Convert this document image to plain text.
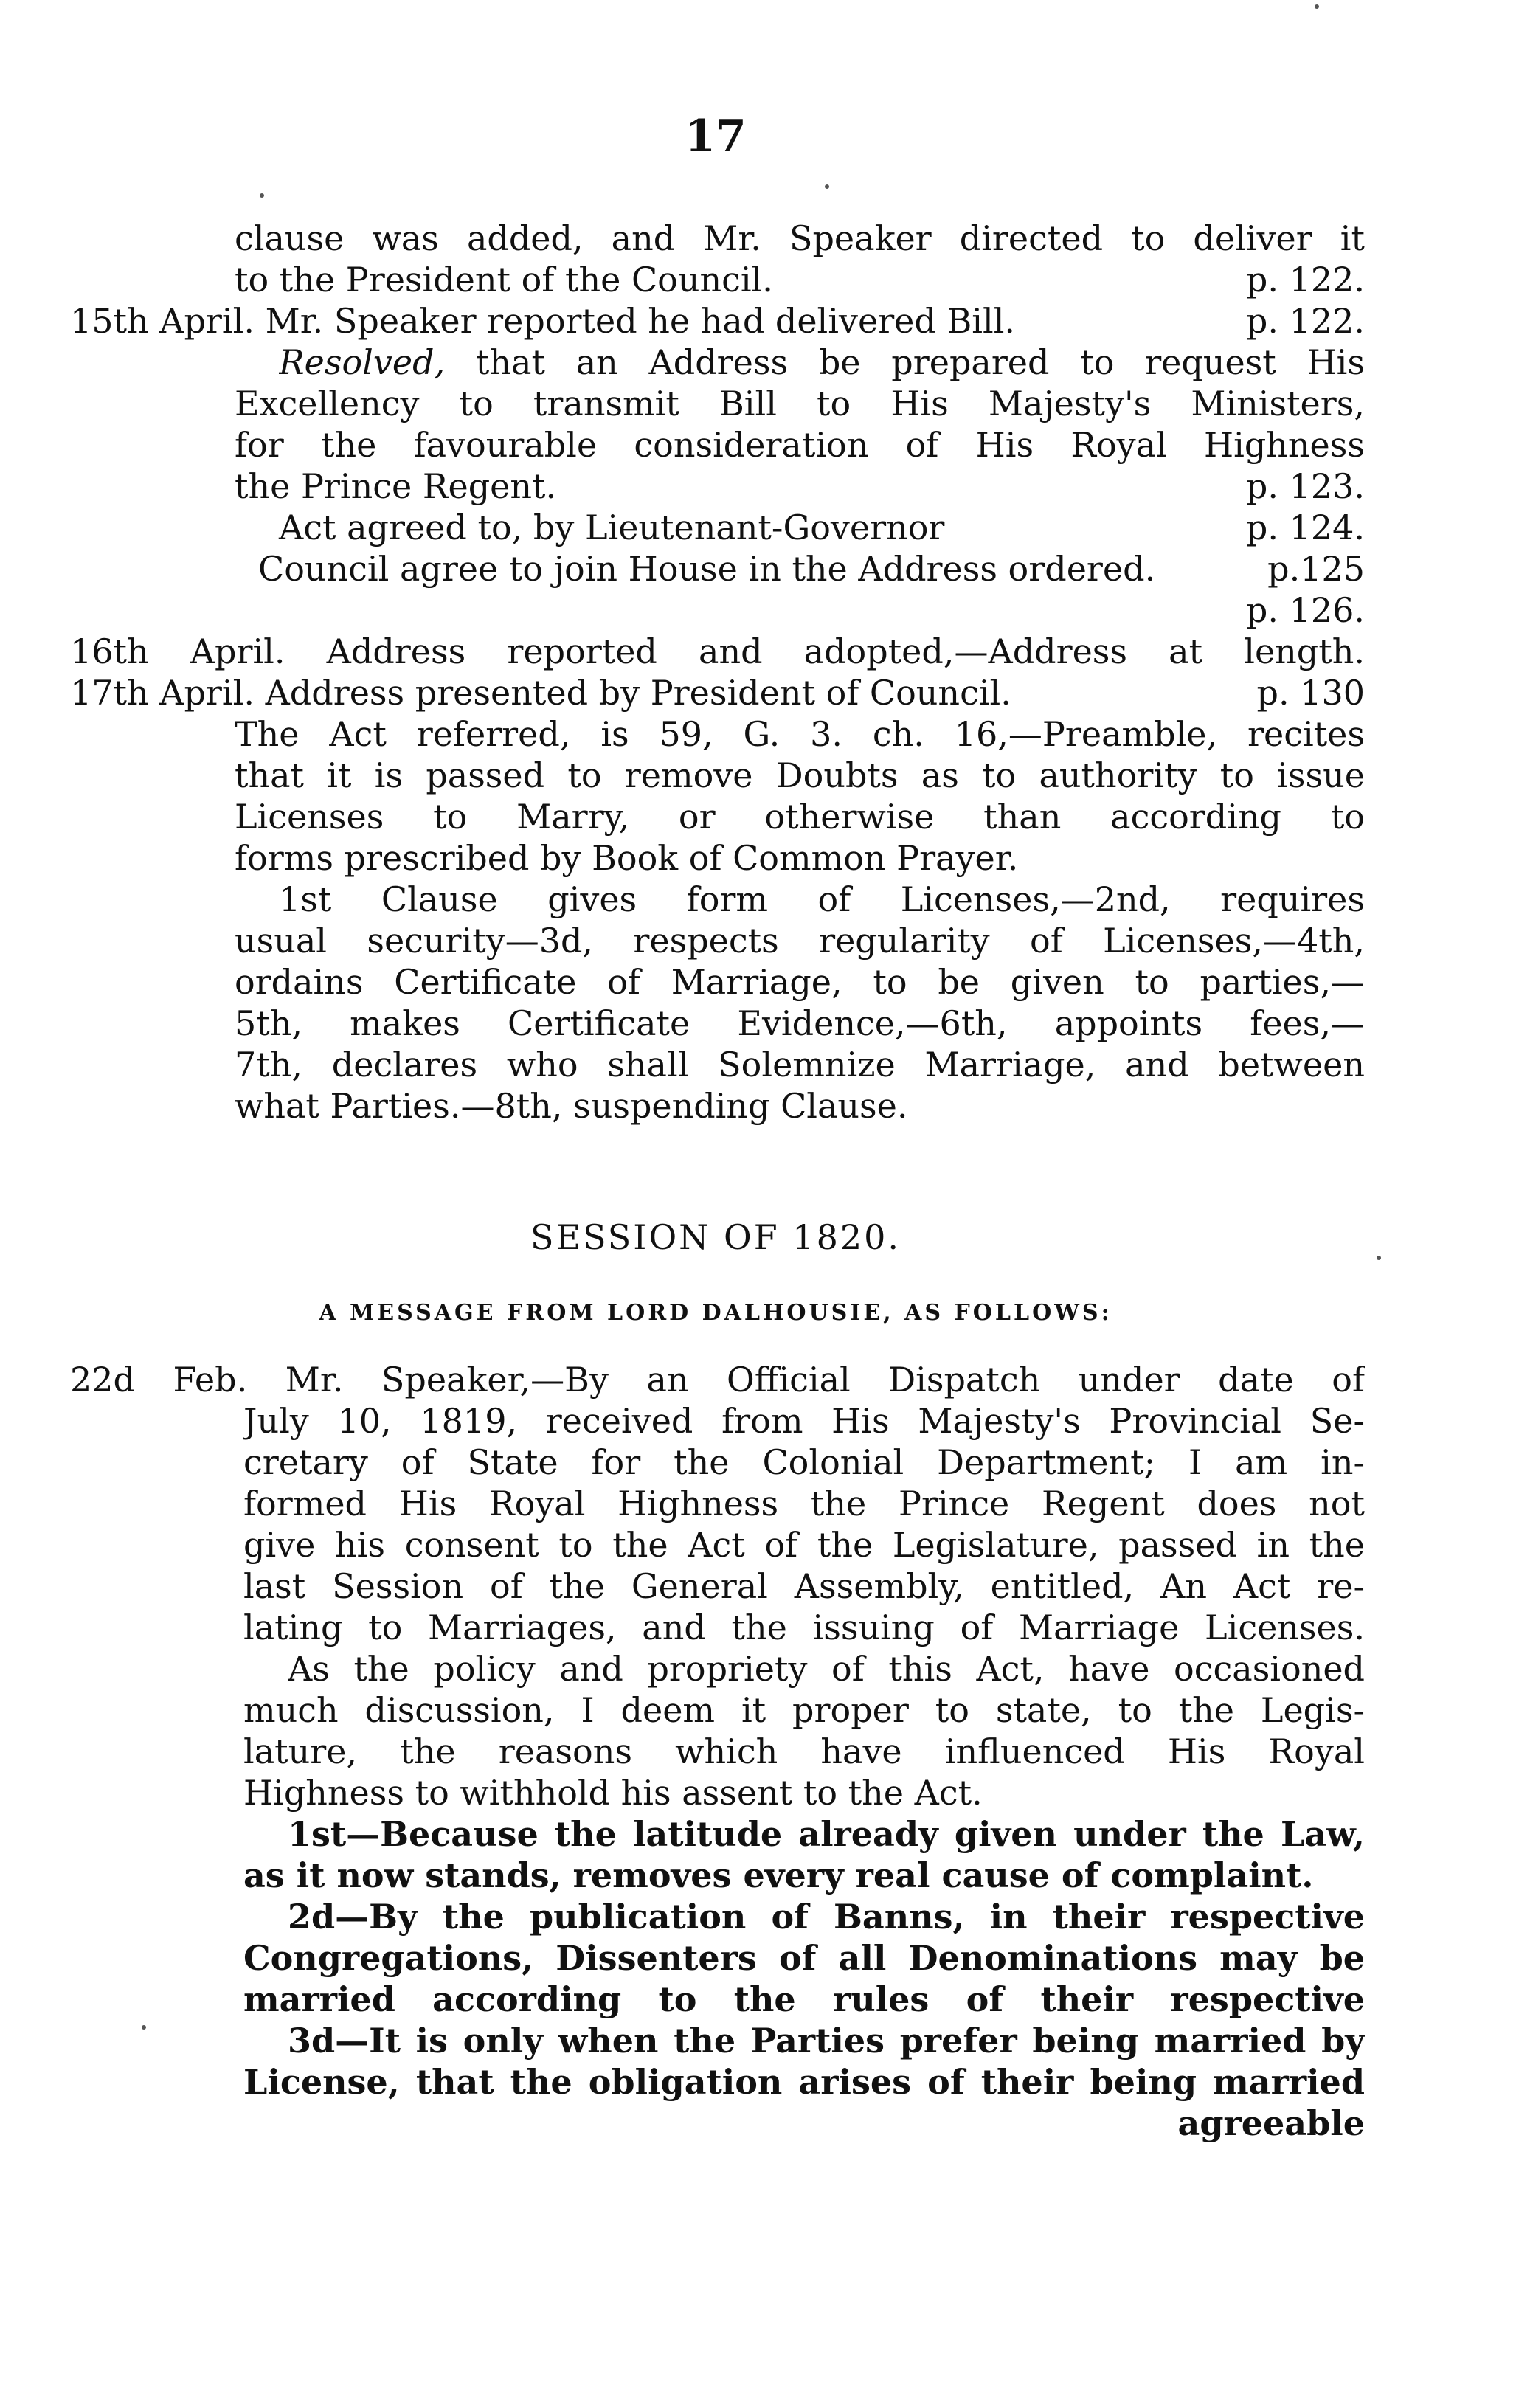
17
clause was added, and Mr. Speaker directed to deliver it
to the President of the Council.	p. 122.
15th April. Mr. Speaker reported he had delivered Bill.	p. 122.
Resolved, that an Address be prepared to request His
Excellency to transmit Bill to His Majesty's Ministers,
for the favourable consideration of His Royal Highness
the Prince Regent.	p. 123.
Act agreed to, by Lieutenant-Governor	p. 124.
Council agree to join House in the Address ordered.	p.125
p. 126.
16th April. Address reported and adopted,—Address at length.
17th April. Address presented by President of Council.	p. 130
The Act referred, is 59, G. 3. ch. 16,—Preamble, recites
that it is passed to remove Doubts as to authority to issue
Licenses to Marry, or otherwise than according to
forms prescribed by Book of Common Prayer.
1st Clause gives form of Licenses,—2nd, requires
usual security—3d, respects regularity of Licenses,—4th,
ordains Certificate of Marriage, to be given to parties,—
5th, makes Certificate Evidence,—6th, appoints fees,—
7th, declares who shall Solemnize Marriage, and between
what Parties.—8th, suspending Clause.
SESSION OF 1820.
A MESSAGE FROM LORD DALHOUSIE, AS FOLLOWS:
22d Feb. Mr. Speaker,—By an Official Dispatch under date of
July 10, 1819, received from His Majesty's Provincial Se-
cretary of State for the Colonial Department; I am in-
formed His Royal Highness the Prince Regent does not
give his consent to the Act of the Legislature, passed in the
last Session of the General Assembly, entitled, An Act re-
lating to Marriages, and the issuing of Marriage Licenses.
As the policy and propriety of this Act, have occasioned
much discussion, I deem it proper to state, to the Legis-
lature, the reasons which have influenced His Royal
Highness to withhold his assent to the Act.
1st—Because the latitude already given under the Law,
as it now stands, removes every real cause of complaint.
2d—By the publication of Banns, in their respective
Congregations, Dissenters of all Denominations may be
married according to the rules of their respective
3d—It is only when the Parties prefer being married by
License, that the obligation arises of their being married
agreeable
